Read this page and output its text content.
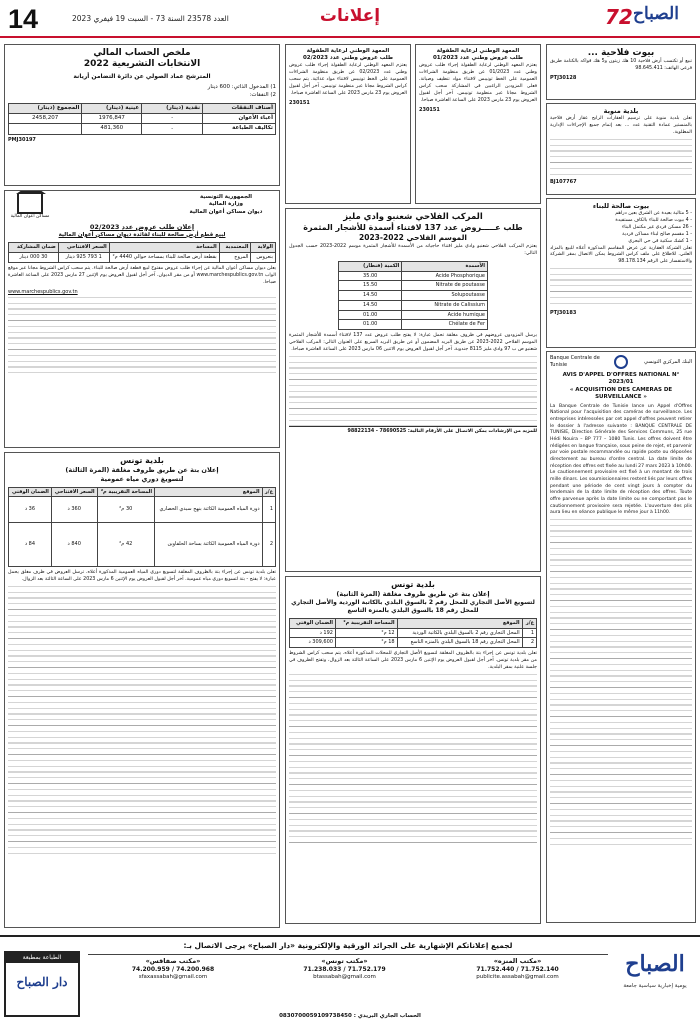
14	العدد 23578 السنة 73 - السبت 19 فيفري 2023	إعلانات	72 الصباح
بيوت فلاحية ...
تبيع أو تكتسب أرض فلاحية 10 هك زيتون و5 هك فواكه بالكتامة طريق فرعي الهاتف: 98.645.411
PTJ30128
بلدية منوبة
تعلن بلدية منوبة على ترسيم العقارات الرابح عقار أرض فلاحية بالمنستير عمادة التقنية عدد ... بعد إتمام جميع الإجراءات الإدارية المطلوبة.
BJ107767
بيوت صالحة للبناء
- 5 مثالية بعيدة عن الشرق بعين دراهم
- 4 بيوت صالحة للبناء بالكاف مستفيدة
- 26 مسكن فردي غير مكتمل البناء
- 1 مقسم صالح لبناء مساكن فردية
- 1 كشك سكنية في حي البحري
تعلن الشركة العقارية عن عرض المقاسم المذكورة أعلاه للبيع بالمزاد العلني. للاطلاع على ملف كراس الشروط يمكن الاتصال بمقر الشركة والاستفسار على الرقم 98.178.134
PTJ30183
Banque Centrale de Tunisie
البنك المركزي التونسي
AVIS D'APPEL D'OFFRES NATIONAL N° 2023/01
« ACQUISITION DES CAMERAS DE SURVEILLANCE »
La Banque Centrale de Tunisie lance un Appel d'Offres National pour l'acquisition des caméras de surveillance. Les entreprises intéressées par cet appel d'offres peuvent retirer le dossier à l'adresse suivante : BANQUE CENTRALE DE TUNISIE, Direction Générale des Services Communs, 25 rue Hédi Nouira – BP 777 – 1080 Tunis. Les offres doivent être rédigées en langue française, sous peine de rejet, et parvenir par voie postale recommandée ou rapide poste ou déposées directement au bureau d'ordre central. La date limite de réception des offres est fixée au lundi 27 mars 2023 à 10h00. Le cautionnement provisoire est fixé à un montant de trois mille dinars. Les soumissionnaires restent liés par leurs offres pendant une période de cent vingt jours à compter du lendemain de la date limite de réception des offres. Toute offre parvenue après la date limite ou ne comportant pas le cautionnement provisoire sera rejetée. L'ouverture des plis aura lieu en séance publique le même jour à 11h00.
المعهد الوطني لرعاية الطفولة
طلب عروض وطني عدد 01/2023
يعتزم المعهد الوطني لرعاية الطفولة إجراء طلب عروض وطني عدد 01/2023 عن طريق منظومة الشراءات العمومية على الخط تونيبس لاقتناء مواد تنظيف وصيانة. فعلى المزودين الراغبين في المشاركة سحب كراس الشروط مجانا عبر منظومة تونيبس. آخر أجل لقبول العروض يوم 23 مارس 2023 على الساعة العاشرة صباحا.
230151
المعهد الوطني لرعاية الطفولة
طلب عروض وطني عدد 02/2023
يعتزم المعهد الوطني لرعاية الطفولة إجراء طلب عروض وطني عدد 02/2023 عن طريق منظومة الشراءات العمومية على الخط تونيبس لاقتناء مواد غذائية. يتم سحب كراس الشروط مجانا عبر منظومة تونيبس. آخر أجل لقبول العروض يوم 23 مارس 2023 على الساعة العاشرة صباحا.
230151
المركب الفلاحي شعنبو وادي مليز
طلب عـــــروض عدد 137 لاقتناء أسمدة للأشجار المثمرة
الموسم الفلاحي 2022-2023
يعتزم المركب الفلاحي شعنبو وادي مليز اقتناء حاجياته من الأسمدة للأشجار المثمرة موسم 2022-2023 حسب الجدول التالي:
الكمية (قنطار)	الأسمدة
35.00	Acide Phosphorique
15.50	Nitrate de poutasse
14.50	Solupoutasse
14.50	Nitrate de Calissium
01.00	Acide humique
01.00	Chélate de Fer
يرسل المزودون عروضهم في ظروف مغلقة تحمل عبارة: لا يفتح طلب عروض عدد 137 لاقتناء أسمدة للأشجار المثمرة الموسم الفلاحي 2022-2023 عن طريق البريد المضمون أو عن طريق البريد السريع على العنوان التالي: المركب الفلاحي شعنبو ص ب 97 وادي مليز 8115 جندوبة. آخر أجل لقبول العروض يوم الاثنين 06 مارس 2023 على الساعة العاشرة صباحا.
للمزيد من الإرشادات يمكن الاتصال على الأرقام التالية: 78690525 - 98822134
بلدية تونس
إعلان بتة عن طريق ظروف مغلقة (المرة الثانية)
لتسويغ الأصل التجاري للمحل رقم 2 بالسوق البلدي بالكاتبة الوردية والأصل التجاري للمحل رقم 18 بالسوق البلدي بالمنزه التاسع
ع/ر	الموقع	المساحة التقريبية م²	الضمان الوقتي
1	المحل التجاري رقم 2 بالسوق البلدي بالكاتبة الوردية	12 م²	192 د
2	المحل التجاري رقم 18 بالسوق البلدي بالمنزه التاسع	18 م²	309,600 د
تعلن بلدية تونس عن إجراء بتة بالظروف المغلقة لتسويغ الأصل التجاري للمحلات المذكورة أعلاه. يتم سحب كراس الشروط من مقر بلدية تونس. آخر أجل لقبول العروض يوم الإثنين 6 مارس 2023 على الساعة الثالثة بعد الزوال، وتفتح الظروف في جلسة علنية بمقر البلدية.
ملخص الحساب المالي
الانتخابات التشريعية 2022
المترشح عماد الصولي عن دائرة التضامن أريانة
1) المدخول الذاتي: 600 دينار
2) النفقات:
أصناف النفقات	نقدية (دينار)	عينية (دينار)	المجموع (دينار)
أعباء الأعوان	-	1976,847	2458,207
تكاليف الطباعة	-	481,360	
PMJ30197
الجمهورية التونسية
وزارة المالية
ديوان مساكن أعوان المالية
مساكن أعوان المالية
إعلان طلب عروض عدد 02/2023
لبيع قطع أرض صالحة للبناء لفائدة ديوان مساكن أعوان المالية
الولاية	المعتمدية	المساحة	السعر الافتتاحي	ضمان المشاركة
بنعروس	المروج	بقطعة أرض صالحة للبناء بمساحة حوالي 4440 م²	1 793 925 دينار	30 000 دينار
يعلن ديوان مساكن أعوان المالية عن إجراء طلب عروض مفتوح لبيع قطعة أرض صالحة للبناء. يتم سحب كراس الشروط مجانا عبر موقع الواب www.marchespublics.gov.tn أو من مقر الديوان. آخر أجل لقبول العروض يوم الإثنين 27 مارس 2023 على الساعة العاشرة صباحا.
www.marchespublics.gov.tn
بلدية تونس
إعلان بتة عن طريق ظروف مغلقة (المرة الثالثة)
لتسويغ دوري مياه عمومية
ع/ر	الموقع	المساحة التقريبية م²	السعر الافتتاحي	الضمان الوقتي
1	دورة المياه العمومية الكائنة بنهج سيدي الحصاري	30 م²	360 د	36 د
2	دورة المياه العمومية الكائنة بساحة الحلفاوين	42 م²	840 د	84 د
تعلن بلدية تونس عن إجراء بتة بالظروف المغلقة لتسويغ دوري المياه العمومية المذكورة أعلاه. ترسل العروض في ظرف مغلق يحمل عبارة: لا يفتح - بتة لتسويغ دوري مياه عمومية. آخر أجل لقبول العروض يوم الإثنين 6 مارس 2023 على الساعة الثالثة بعد الزوال.
لجميع إعلاناتكم الإشهارية على الجرائد الورقية والإلكترونية «دار الصباح» يرجى الاتصال بـ:
«مكتب المنزه»
71.752.440 / 71.752.140
publicite.assabah@gmail.com
«مكتب تونس»
71.238.033 / 71.752.179
btassabah@gmail.com
«مكتب صفاقس»
74.200.959 / 74.200.968
sfaxassabah@gmail.com
الحساب الجاري البريدي : 0830700059109738450
الصباح
يومية إخبارية سياسية جامعة
الطباعة بمطبعة
دار الصباح
